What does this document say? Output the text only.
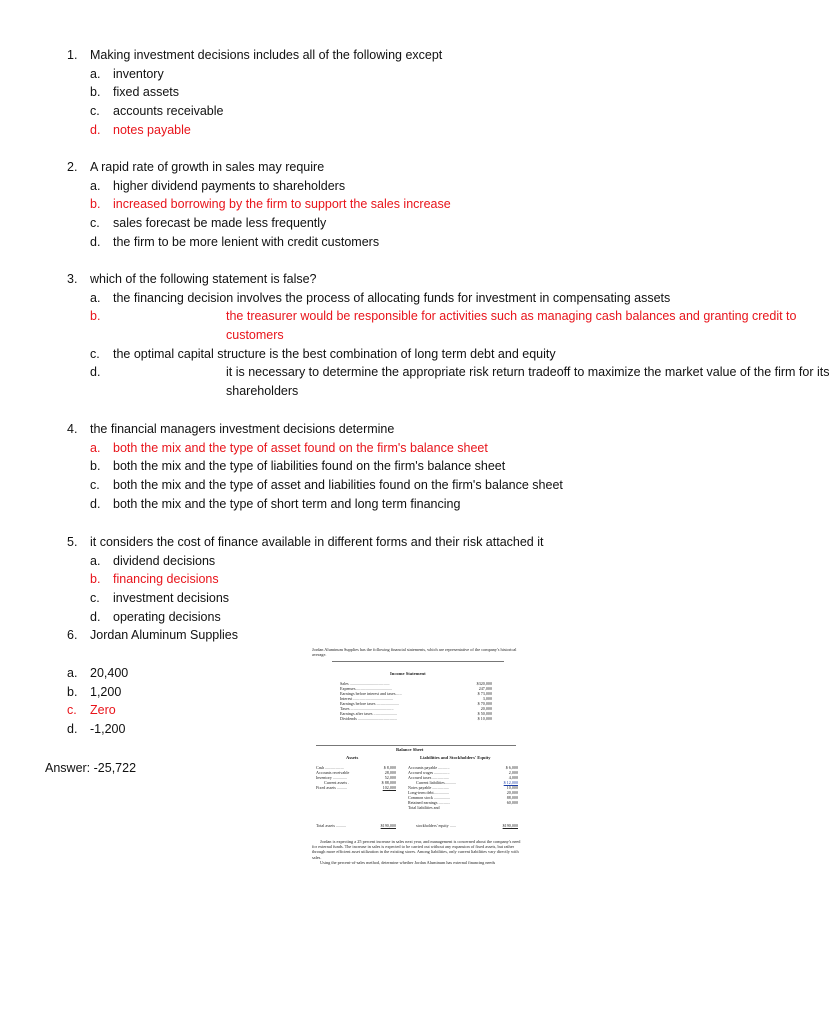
1. Making investment decisions includes all of the following except
a. inventory
b. fixed assets
c. accounts receivable
d. notes payable
2. A rapid rate of growth in sales may require
a. higher dividend payments to shareholders
b. increased borrowing by the firm to support the sales increase
c. sales forecast be made less frequently
d. the firm to be more lenient with credit customers
3. which of the following statement is false?
a. the financing decision involves the process of allocating funds for investment in compensating assets
b.	the treasurer would be responsible for activities such as managing cash balances and granting credit to customers
c. the optimal capital structure is the best combination of long term debt and equity
d.	it is necessary to determine the appropriate risk return tradeoff to maximize the market value of the firm for its shareholders
4. the financial managers investment decisions determine
a. both the mix and the type of asset found on the firm's balance sheet
b. both the mix and the type of liabilities found on the firm's balance sheet
c. both the mix and the type of asset and liabilities found on the firm's balance sheet
d. both the mix and the type of short term and long term financing
5. it considers the cost of finance available in different forms and their risk attached it
a. dividend decisions
b. financing decisions
c. investment decisions
d. operating decisions
6. Jordan Aluminum Supplies
a. 20,400
b. 1,200
c. Zero
d. -1,200
Answer: -25,722
Jordan Aluminum Supplies has the following financial statements, which are representative of the company's historical average.
Income Statement
Sales .......................................	$320,000
Expenses....................................	247,000
Earnings before interest and taxes......	$ 73,000
Interest .......................................	3,000
Earnings before taxes ......................	$ 70,000
Taxes ..........................................	20,000
Earnings after taxes .......................	$ 50,000
Dividends ......................................	$ 10,000
Balance Sheet
Assets	Liabilities and Stockholders' Equity
Cash ..................	$ 8,000
Accounts receivable	28,000
Inventory ..............	52,000
Current assets .	$ 88,000
Fixed assets ..........	102,000
Accounts payable ...........	$ 6,000
Accrued wages ...............	2,000
Accrued taxes ................	4,000
Current liabilities...........	$ 12,000
Notes payable ................	10,000
Long-term debt...............	20,000
Common stock ................	88,000
Retained earnings ...........	60,000
Total liabilities and
Total assets ..........	$190,000	stockholders' equity ......	$190,000
Jordan is expecting a 25 percent increase in sales next year, and management is concerned about the company's need for external funds. The increase in sales is expected to be carried out without any expansion of fixed assets, but rather through more efficient asset utilization in the existing stores. Among liabilities, only current liabilities vary directly with sales.
Using the percent-of-sales method, determine whether Jordan Aluminum has external financing needs
